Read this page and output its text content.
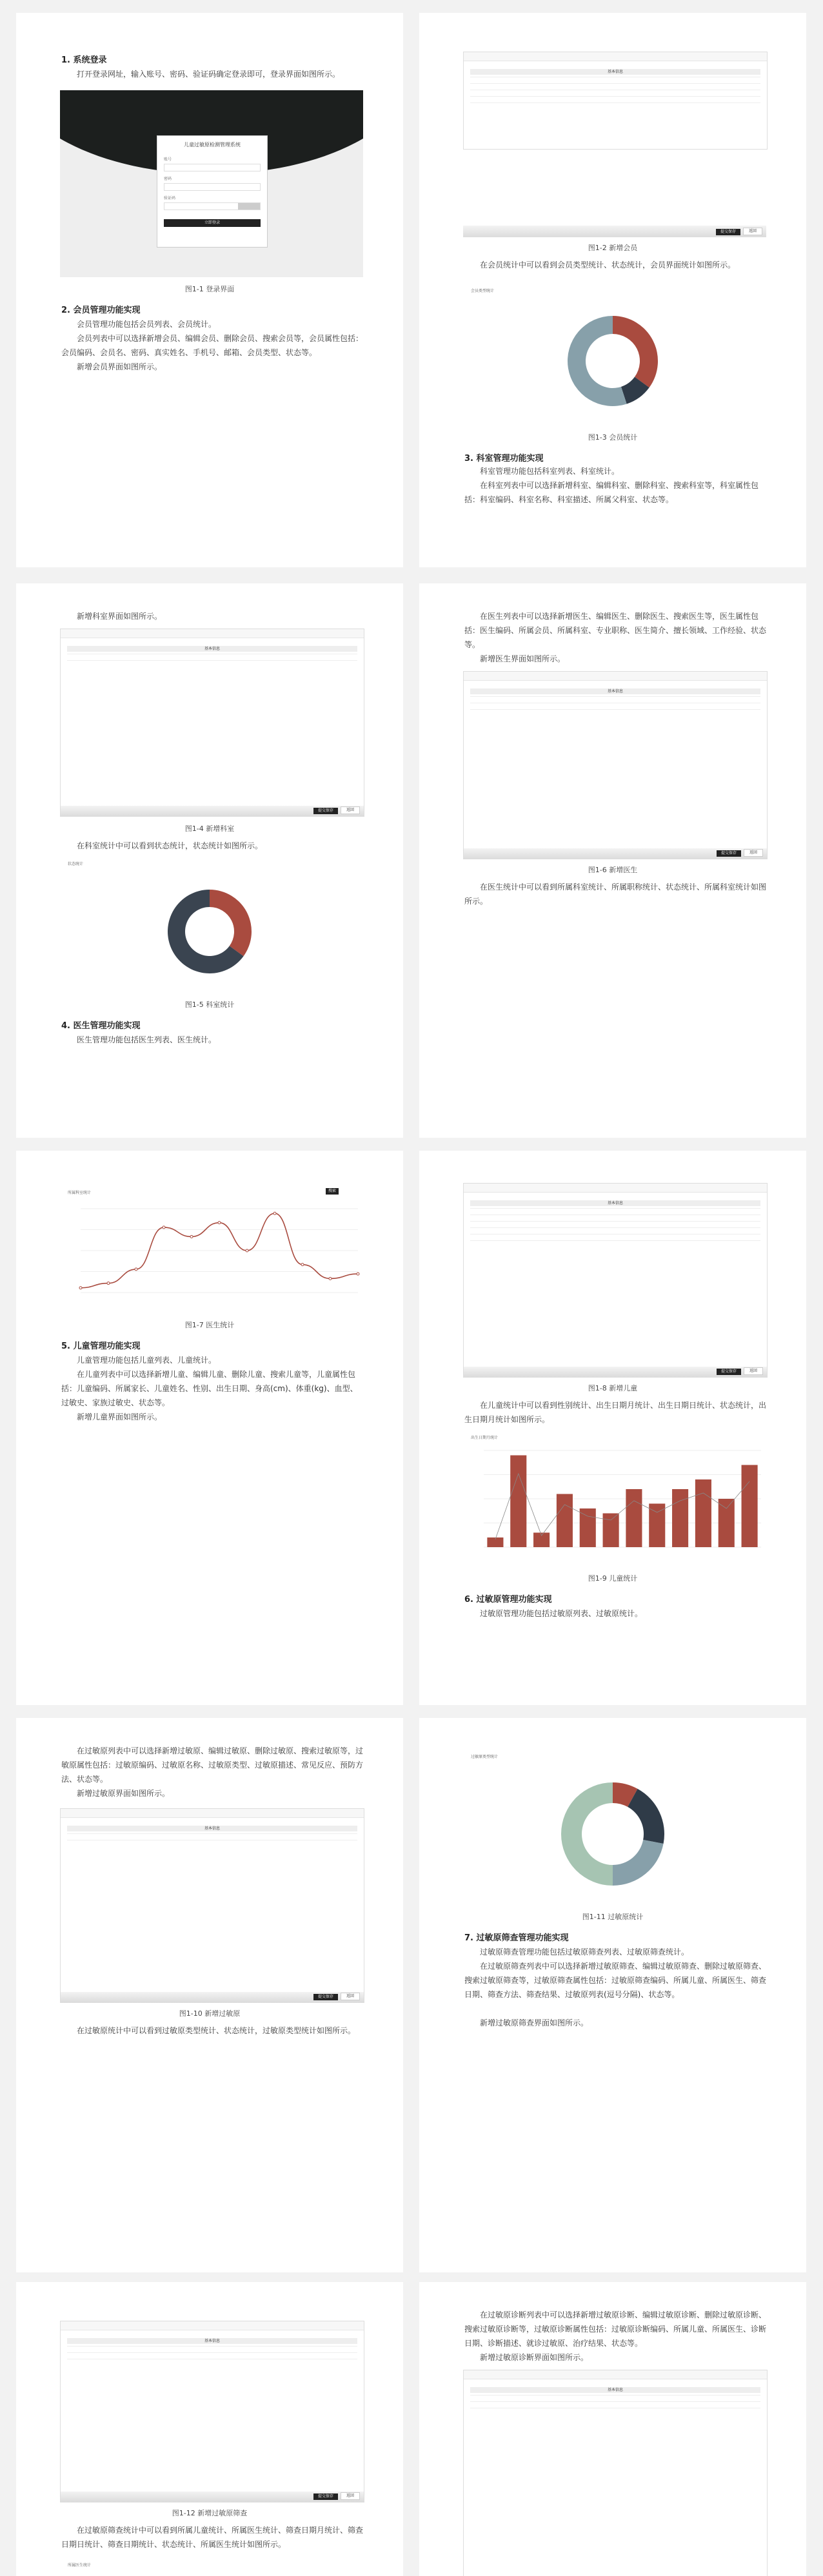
1. 系统登录
打开登录网址，输入账号、密码、验证码确定登录即可，登录界面如图所示。
儿童过敏原检测管理系统
账号
密码
验证码
立即登录
图1-1 登录界面
2. 会员管理功能实现
会员管理功能包括会员列表、会员统计。
会员列表中可以选择新增会员、编辑会员、删除会员、搜索会员等，会员属性包括：会员编码、会员名、密码、真实姓名、手机号、邮箱、会员类型、状态等。
新增会员界面如图所示。
基本信息
提交保存	返回
图1-2 新增会员
在会员统计中可以看到会员类型统计、状态统计，会员界面统计如图所示。
会员类型统计
图1-3 会员统计
3. 科室管理功能实现
科室管理功能包括科室列表、科室统计。
在科室列表中可以选择新增科室、编辑科室、删除科室、搜索科室等，科室属性包括：科室编码、科室名称、科室描述、所属父科室、状态等。
新增科室界面如图所示。
基本信息
提交保存	返回
图1-4 新增科室
在科室统计中可以看到状态统计，状态统计如图所示。
状态统计
图1-5 科室统计
4. 医生管理功能实现
医生管理功能包括医生列表、医生统计。
在医生列表中可以选择新增医生、编辑医生、删除医生、搜索医生等，医生属性包括：医生编码、所属会员、所属科室、专业职称、医生简介、擅长领域、工作经验、状态等。
新增医生界面如图所示。
基本信息
提交保存	返回
图1-6 新增医生
在医生统计中可以看到所属科室统计、所属职称统计、状态统计、所属科室统计如图所示。
所属科室统计	搜索
图1-7 医生统计
5. 儿童管理功能实现
儿童管理功能包括儿童列表、儿童统计。
在儿童列表中可以选择新增儿童、编辑儿童、删除儿童、搜索儿童等，儿童属性包括：儿童编码、所属家长、儿童姓名、性别、出生日期、身高(cm)、体重(kg)、血型、过敏史、家族过敏史、状态等。
新增儿童界面如图所示。
基本信息
提交保存	返回
图1-8 新增儿童
在儿童统计中可以看到性别统计、出生日期月统计、出生日期日统计、状态统计，出生日期月统计如图所示。
出生日期月统计
图1-9 儿童统计
6. 过敏原管理功能实现
过敏原管理功能包括过敏原列表、过敏原统计。
在过敏原列表中可以选择新增过敏原、编辑过敏原、删除过敏原、搜索过敏原等，过敏原属性包括：过敏原编码、过敏原名称、过敏原类型、过敏原描述、常见反应、预防方法、状态等。
新增过敏原界面如图所示。
基本信息
提交保存	返回
图1-10 新增过敏原
在过敏原统计中可以看到过敏原类型统计、状态统计，过敏原类型统计如图所示。
过敏原类型统计
图1-11 过敏原统计
7. 过敏原筛查管理功能实现
过敏原筛查管理功能包括过敏原筛查列表、过敏原筛查统计。
在过敏原筛查列表中可以选择新增过敏原筛查、编辑过敏原筛查、删除过敏原筛查、搜索过敏原筛查等，过敏原筛查属性包括：过敏原筛查编码、所属儿童、所属医生、筛查日期、筛查方法、筛查结果、过敏原列表(逗号分隔)、状态等。
新增过敏原筛查界面如图所示。
基本信息
提交保存	返回
图1-12 新增过敏原筛查
在过敏原筛查统计中可以看到所属儿童统计、所属医生统计、筛查日期月统计、筛查日期日统计、筛查日期统计、状态统计、所属医生统计如图所示。
所属医生统计
在过敏原诊断列表中可以选择新增过敏原诊断、编辑过敏原诊断、删除过敏原诊断、搜索过敏原诊断等，过敏原诊断属性包括：过敏原诊断编码、所属儿童、所属医生、诊断日期、诊断描述、就诊过敏原、治疗结果、状态等。
新增过敏原诊断界面如图所示。
基本信息
